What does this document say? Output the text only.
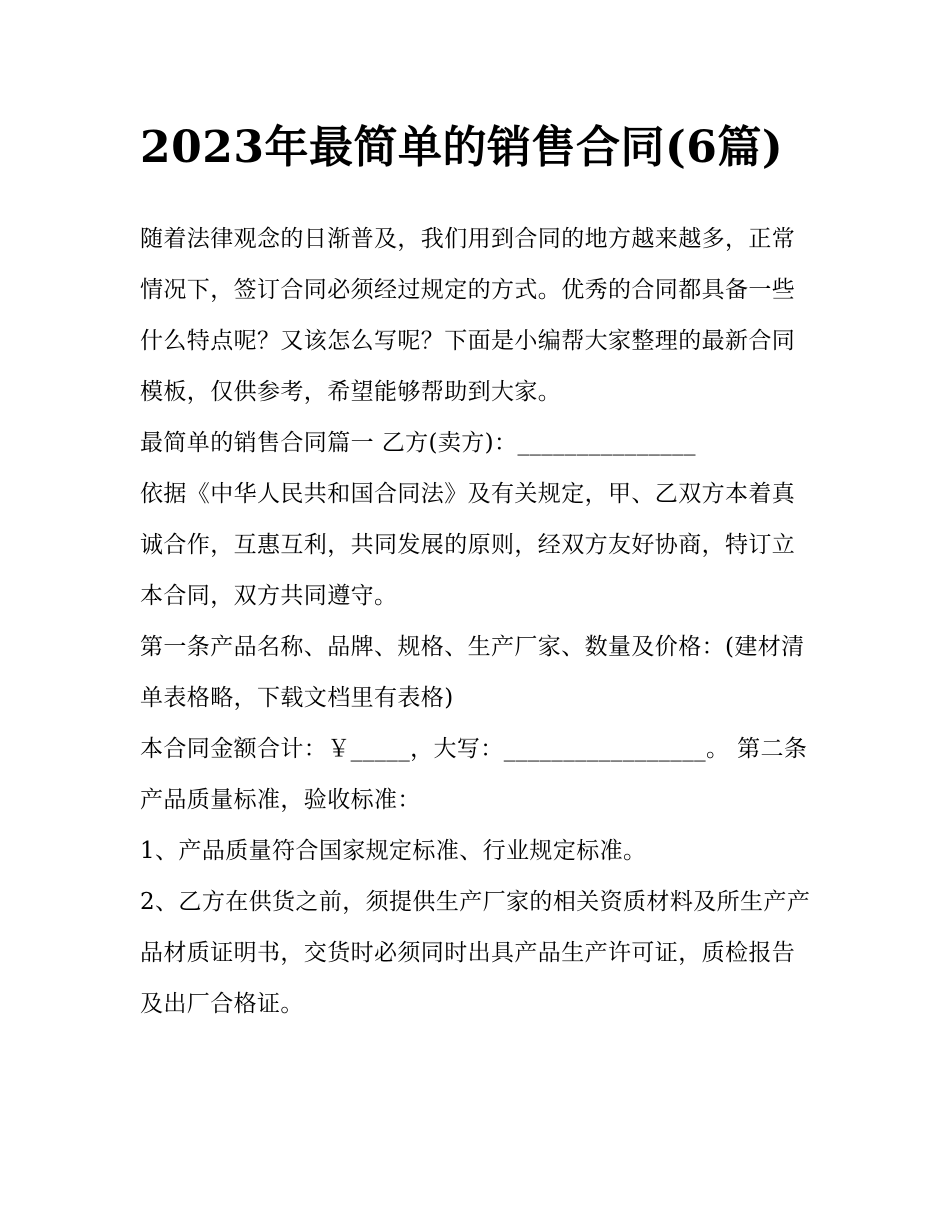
2023年最简单的销售合同(6篇)

随着法律观念的日渐普及，我们用到合同的地方越来越多，正常情况下，签订合同必须经过规定的方式。优秀的合同都具备一些什么特点呢？又该怎么写呢？下面是小编帮大家整理的最新合同模板，仅供参考，希望能够帮助到大家。

最简单的销售合同篇一 乙方(卖方)：_______________

依据《中华人民共和国合同法》及有关规定，甲、乙双方本着真诚合作，互惠互利，共同发展的原则，经双方友好协商，特订立本合同，双方共同遵守。

第一条产品名称、品牌、规格、生产厂家、数量及价格：(建材清单表格略，下载文档里有表格)

本合同金额合计：￥_____，大写：_________________。 第二条产品质量标准，验收标准：

1、产品质量符合国家规定标准、行业规定标准。

2、乙方在供货之前，须提供生产厂家的相关资质材料及所生产产品材质证明书，交货时必须同时出具产品生产许可证，质检报告及出厂合格证。
